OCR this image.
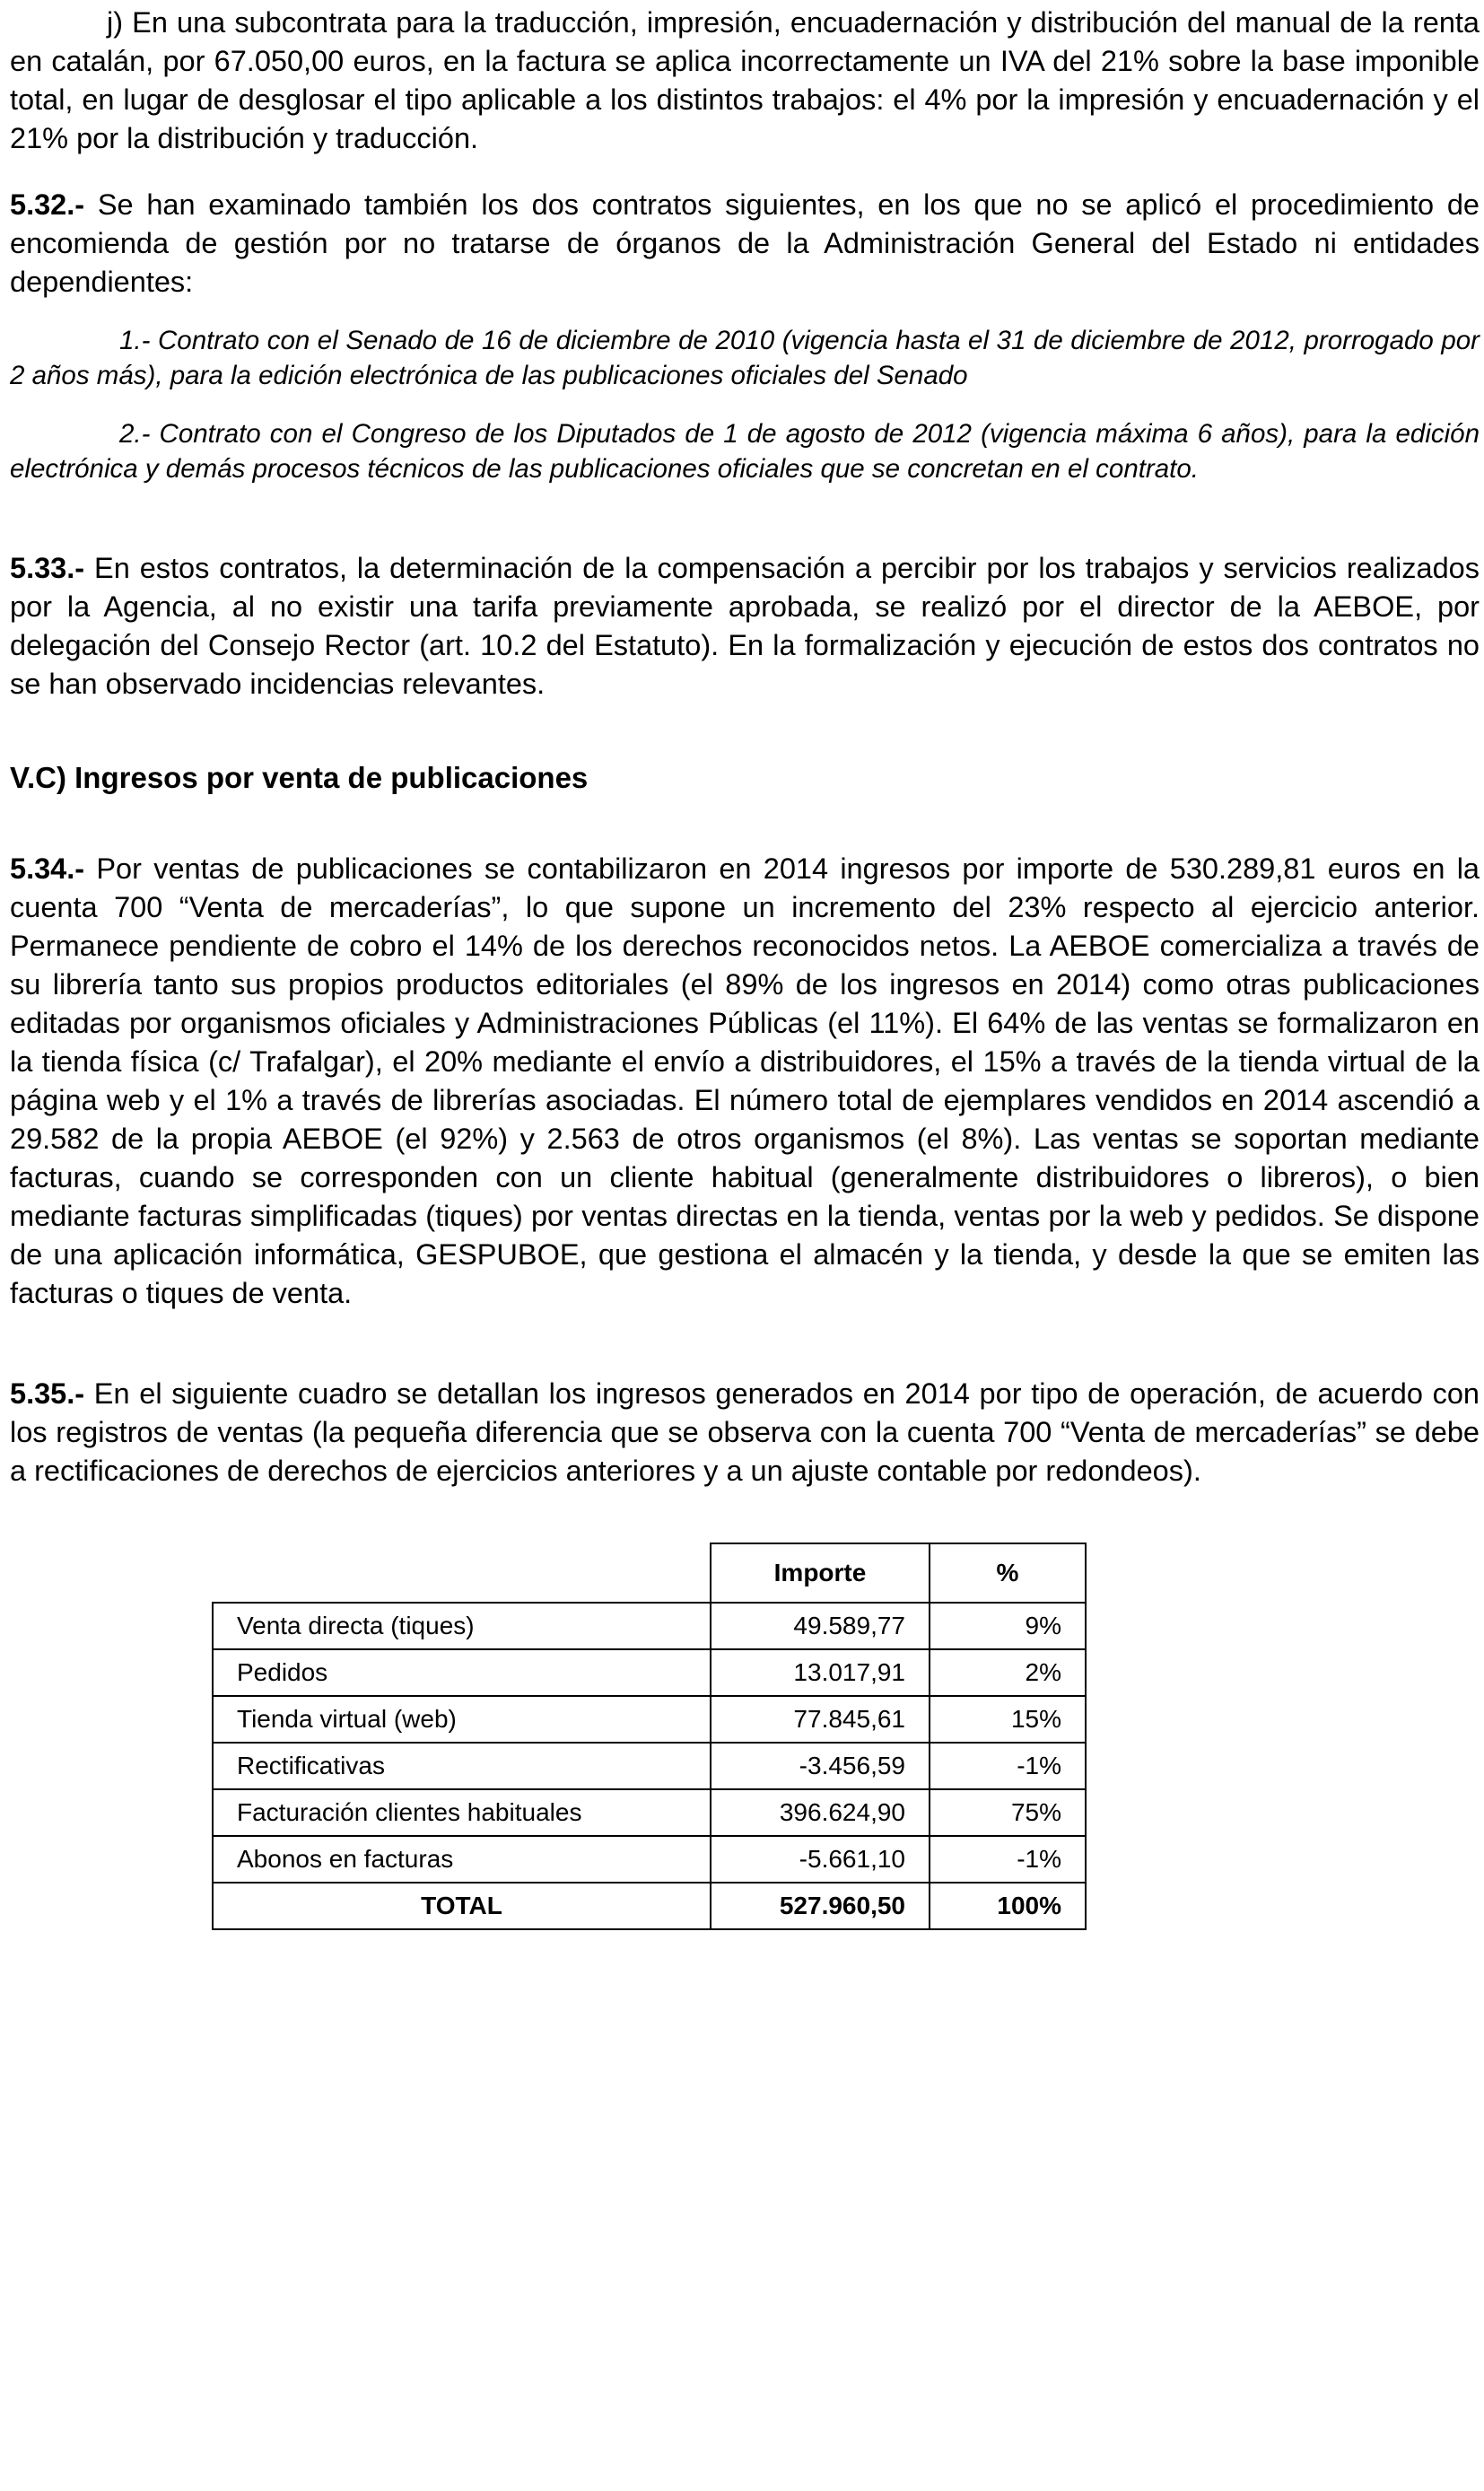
j) En una subcontrata para la traducción, impresión, encuadernación y distribución del manual de la renta en catalán, por 67.050,00 euros, en la factura se aplica incorrectamente un IVA del 21% sobre la base imponible total, en lugar de desglosar el tipo aplicable a los distintos trabajos: el 4% por la impresión y encuadernación y el 21% por la distribución y traducción.

5.32.- Se han examinado también los dos contratos siguientes, en los que no se aplicó el procedimiento de encomienda de gestión por no tratarse de órganos de la Administración General del Estado ni entidades dependientes:

1.- Contrato con el Senado de 16 de diciembre de 2010 (vigencia hasta el 31 de diciembre de 2012, prorrogado por 2 años más), para la edición electrónica de las publicaciones oficiales del Senado

2.- Contrato con el Congreso de los Diputados de 1 de agosto de 2012 (vigencia máxima 6 años), para la edición electrónica y demás procesos técnicos de las publicaciones oficiales que se concretan en el contrato.

5.33.- En estos contratos, la determinación de la compensación a percibir por los trabajos y servicios realizados por la Agencia, al no existir una tarifa previamente aprobada, se realizó por el director de la AEBOE, por delegación del Consejo Rector (art. 10.2 del Estatuto). En la formalización y ejecución de estos dos contratos no se han observado incidencias relevantes.

V.C) Ingresos por venta de publicaciones

5.34.- Por ventas de publicaciones se contabilizaron en 2014 ingresos por importe de 530.289,81 euros en la cuenta 700 “Venta de mercaderías”, lo que supone un incremento del 23% respecto al ejercicio anterior. Permanece pendiente de cobro el 14% de los derechos reconocidos netos. La AEBOE comercializa a través de su librería tanto sus propios productos editoriales (el 89% de los ingresos en 2014) como otras publicaciones editadas por organismos oficiales y Administraciones Públicas (el 11%). El 64% de las ventas se formalizaron en la tienda física (c/ Trafalgar), el 20% mediante el envío a distribuidores, el 15% a través de la tienda virtual de la página web y el 1% a través de librerías asociadas. El número total de ejemplares vendidos en 2014 ascendió a 29.582 de la propia AEBOE (el 92%) y 2.563 de otros organismos (el 8%). Las ventas se soportan mediante facturas, cuando se corresponden con un cliente habitual (generalmente distribuidores o libreros), o bien mediante facturas simplificadas (tiques) por ventas directas en la tienda, ventas por la web y pedidos. Se dispone de una aplicación informática, GESPUBOE, que gestiona el almacén y la tienda, y desde la que se emiten las facturas o tiques de venta.

5.35.- En el siguiente cuadro se detallan los ingresos generados en 2014 por tipo de operación, de acuerdo con los registros de ventas (la pequeña diferencia que se observa con la cuenta 700 “Venta de mercaderías” se debe a rectificaciones de derechos de ejercicios anteriores y a un ajuste contable por redondeos).

	Importe	%
Venta directa (tiques)	49.589,77	9%
Pedidos	13.017,91	2%
Tienda virtual (web)	77.845,61	15%
Rectificativas	-3.456,59	-1%
Facturación clientes habituales	396.624,90	75%
Abonos en facturas	-5.661,10	-1%
TOTAL	527.960,50	100%
